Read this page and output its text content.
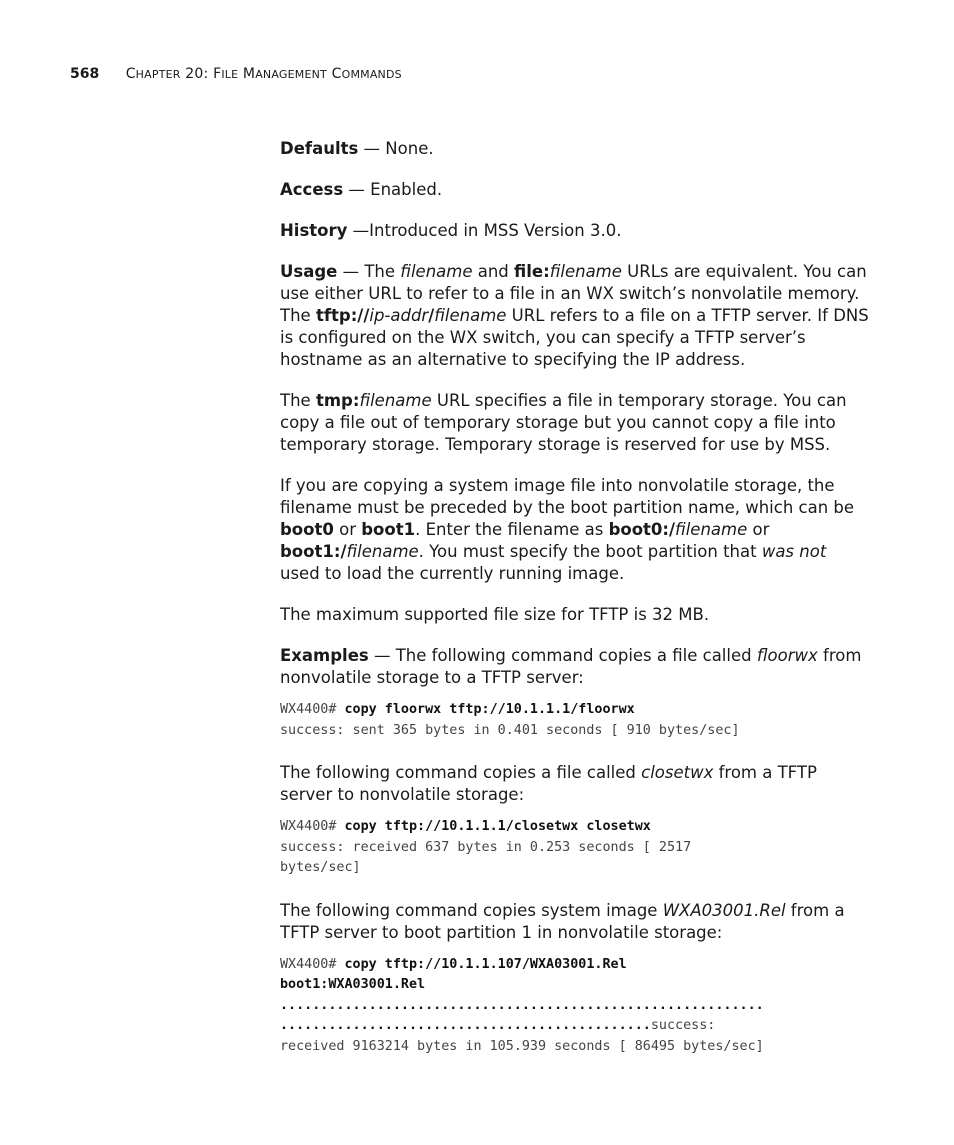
568 CHAPTER 20: FILE MANAGEMENT COMMANDS

Defaults — None.

Access — Enabled.

History —Introduced in MSS Version 3.0.

Usage — The filename and file:filename URLs are equivalent. You can use either URL to refer to a file in an WX switch’s nonvolatile memory. The tftp://ip-addr/filename URL refers to a file on a TFTP server. If DNS is configured on the WX switch, you can specify a TFTP server’s hostname as an alternative to specifying the IP address.

The tmp:filename URL specifies a file in temporary storage. You can copy a file out of temporary storage but you cannot copy a file into temporary storage. Temporary storage is reserved for use by MSS.

If you are copying a system image file into nonvolatile storage, the filename must be preceded by the boot partition name, which can be boot0 or boot1. Enter the filename as boot0:/filename or boot1:/filename. You must specify the boot partition that was not used to load the currently running image.

The maximum supported file size for TFTP is 32 MB.

Examples — The following command copies a file called floorwx from nonvolatile storage to a TFTP server:

WX4400# copy floorwx tftp://10.1.1.1/floorwx
success: sent 365 bytes in 0.401 seconds [ 910 bytes/sec]

The following command copies a file called closetwx from a TFTP server to nonvolatile storage:

WX4400# copy tftp://10.1.1.1/closetwx closetwx
success: received 637 bytes in 0.253 seconds [ 2517
bytes/sec]

The following command copies system image WXA03001.Rel from a TFTP server to boot partition 1 in nonvolatile storage:

WX4400# copy tftp://10.1.1.107/WXA03001.Rel
boot1:WXA03001.Rel
............................................................
..............................................success:
received 9163214 bytes in 105.939 seconds [ 86495 bytes/sec]
